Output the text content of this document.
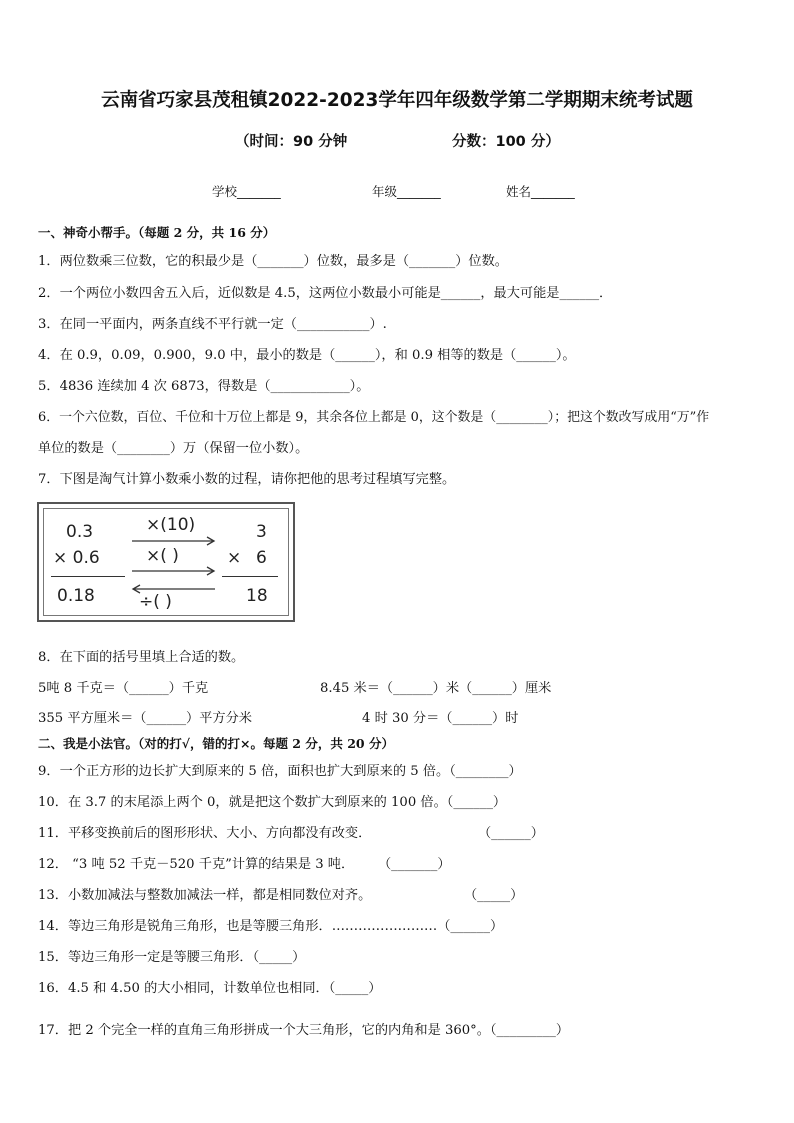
云南省巧家县茂租镇2022-2023学年四年级数学第二学期期末统考试题
（时间：90 分钟	分数：100 分）
学校_______	年级_______	姓名_______
一、神奇小帮手。（每题 2 分，共 16 分）
1．两位数乘三位数，它的积最少是（_______）位数，最多是（_______）位数。
2．一个两位小数四舍五入后，近似数是 4.5，这两位小数最小可能是______，最大可能是______．
3．在同一平面内，两条直线不平行就一定（___________）.
4．在 0.9，0.09，0.900，9.0 中，最小的数是（______），和 0.9 相等的数是（______）。
5．4836 连续加 4 次 6873，得数是（____________）。
6．一个六位数，百位、千位和十万位上都是 9，其余各位上都是 0，这个数是（________）；把这个数改写成用“万”作
单位的数是（________）万（保留一位小数）。
7．下图是淘气计算小数乘小数的过程，请你把他的思考过程填写完整。
0.3
× 0.6
0.18
×(10)
×( )
÷( )
3
× 6
18
8．在下面的括号里填上合适的数。
5吨 8 千克＝（______）千克	8.45 米＝（______）米（______）厘米
355 平方厘米＝（______）平方分米	4 时 30 分＝（______）时
二、我是小法官。（对的打√，错的打×。每题 2 分，共 20 分）
9．一个正方形的边长扩大到原来的 5 倍，面积也扩大到原来的 5 倍。（________）
10．在 3.7 的末尾添上两个 0，就是把这个数扩大到原来的 100 倍。（______）
11．平移变换前后的图形形状、大小、方向都没有改变．	（______）
12． “3 吨 52 千克－520 千克”计算的结果是 3 吨． （_______）
13．小数加减法与整数加减法一样，都是相同数位对齐。	（_____）
14．等边三角形是锐角三角形，也是等腰三角形．……………………（______）
15．等边三角形一定是等腰三角形．（_____）
16．4.5 和 4.50 的大小相同，计数单位也相同．（_____）
17．把 2 个完全一样的直角三角形拼成一个大三角形，它的内角和是 360°。（_________）
